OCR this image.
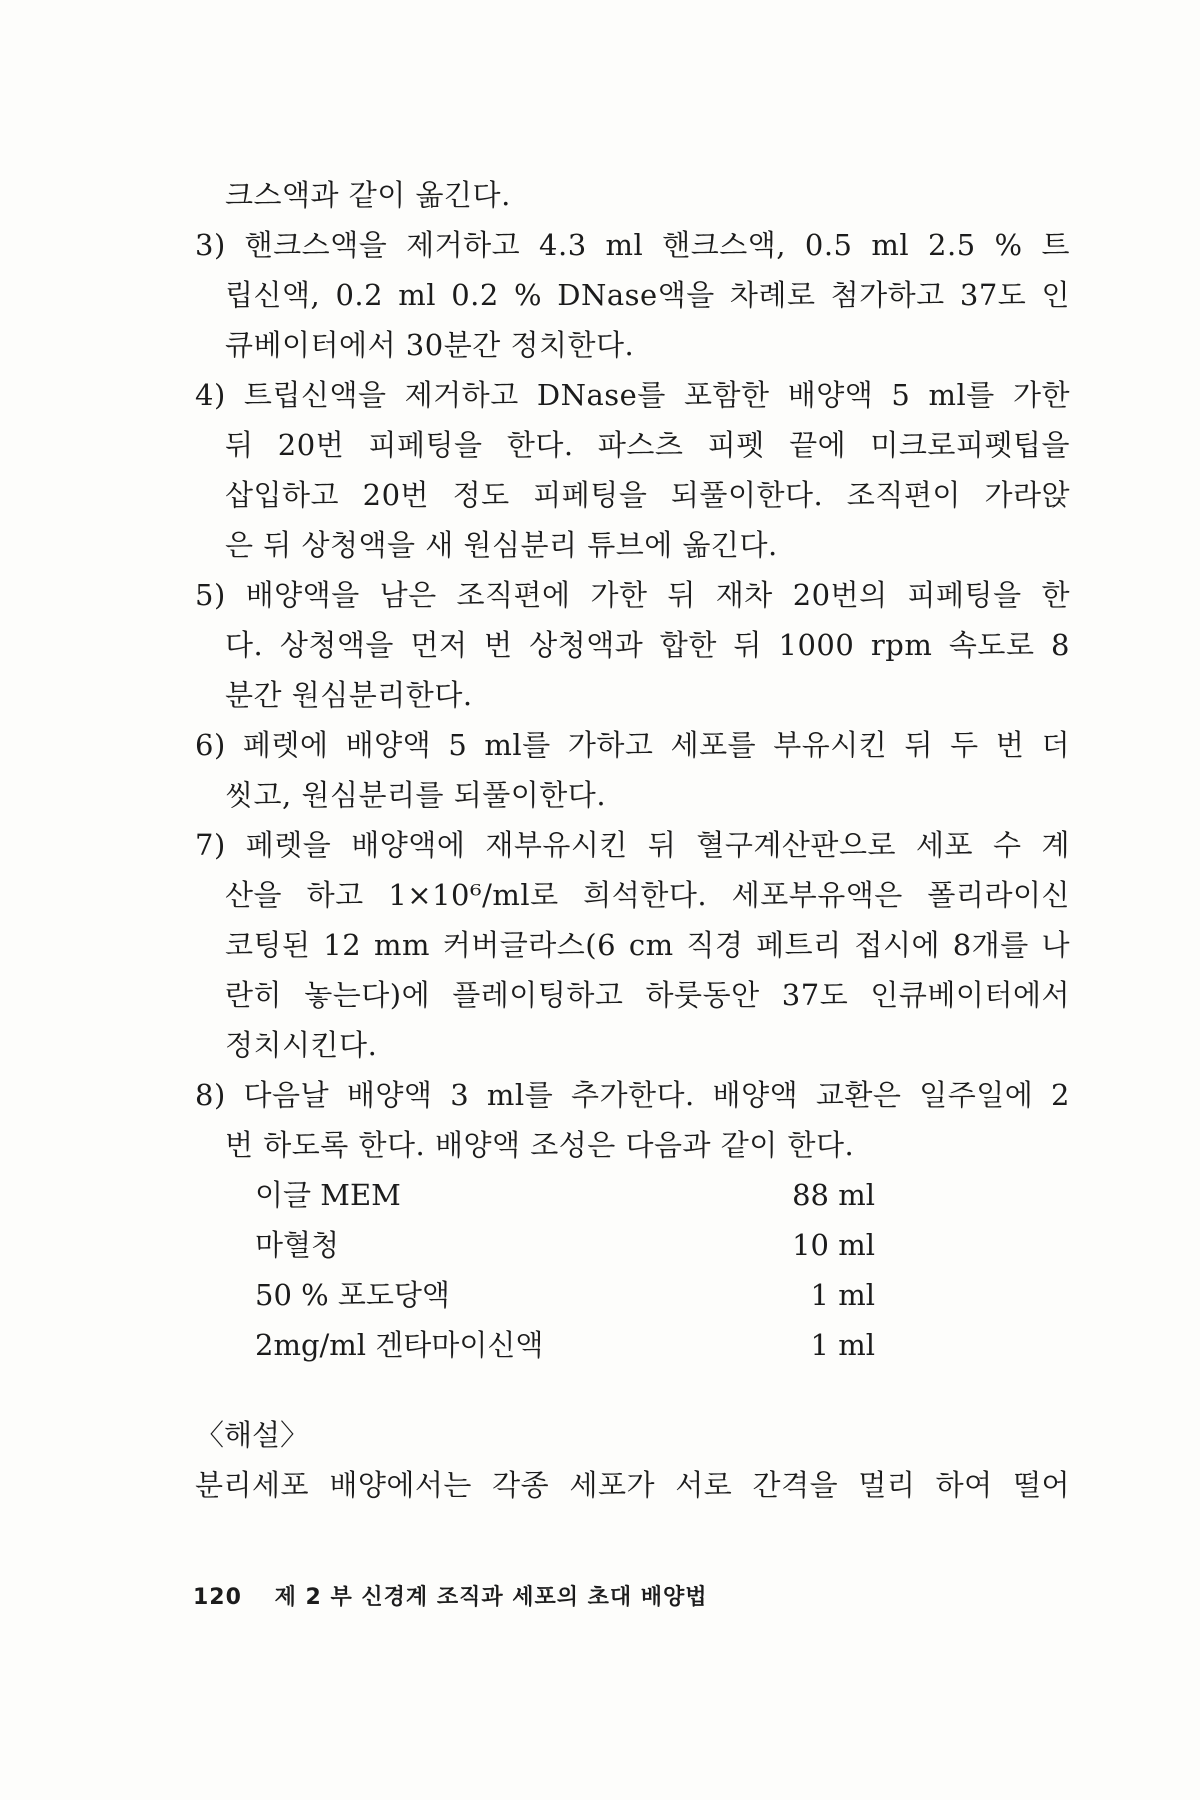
크스액과 같이 옮긴다.
3) 핸크스액을 제거하고 4.3 ml 핸크스액, 0.5 ml 2.5 % 트
립신액, 0.2 ml 0.2 % DNase액을 차례로 첨가하고 37도 인
큐베이터에서 30분간 정치한다.
4) 트립신액을 제거하고 DNase를 포함한 배양액 5 ml를 가한
뒤 20번 피페팅을 한다. 파스츠 피펫 끝에 미크로피펫팁을
삽입하고 20번 정도 피페팅을 되풀이한다. 조직편이 가라앉
은 뒤 상청액을 새 원심분리 튜브에 옮긴다.
5) 배양액을 남은 조직편에 가한 뒤 재차 20번의 피페팅을 한
다. 상청액을 먼저 번 상청액과 합한 뒤 1000 rpm 속도로 8
분간 원심분리한다.
6) 페렛에 배양액 5 ml를 가하고 세포를 부유시킨 뒤 두 번 더
씻고, 원심분리를 되풀이한다.
7) 페렛을 배양액에 재부유시킨 뒤 혈구계산판으로 세포 수 계
산을 하고 1×10⁶/ml로 희석한다. 세포부유액은 폴리라이신
코팅된 12 mm 커버글라스(6 cm 직경 페트리 접시에 8개를 나
란히 놓는다)에 플레이팅하고 하룻동안 37도 인큐베이터에서
정치시킨다.
8) 다음날 배양액 3 ml를 추가한다. 배양액 교환은 일주일에 2
번 하도록 한다. 배양액 조성은 다음과 같이 한다.
이글 MEM	88 ml
마혈청	10 ml
50 % 포도당액	1 ml
2mg/ml 겐타마이신액	1 ml
〈해설〉
분리세포 배양에서는 각종 세포가 서로 간격을 멀리 하여 떨어
120 제 2 부 신경계 조직과 세포의 초대 배양법
